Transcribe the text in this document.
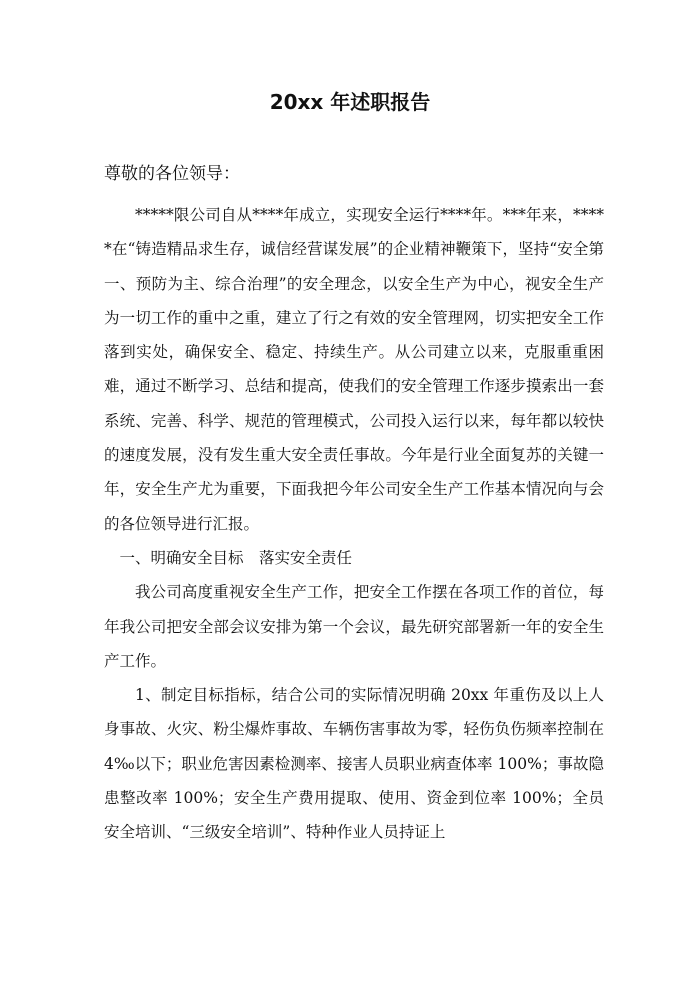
20xx 年述职报告

尊敬的各位领导：

*****限公司自从****年成立，实现安全运行****年。***年来，*****在“铸造精品求生存，诚信经营谋发展”的企业精神鞭策下，坚持“安全第一、预防为主、综合治理”的安全理念，以安全生产为中心，视安全生产为一切工作的重中之重，建立了行之有效的安全管理网，切实把安全工作落到实处，确保安全、稳定、持续生产。从公司建立以来，克服重重困难，通过不断学习、总结和提高，使我们的安全管理工作逐步摸索出一套系统、完善、科学、规范的管理模式，公司投入运行以来，每年都以较快的速度发展，没有发生重大安全责任事故。今年是行业全面复苏的关键一年，安全生产尤为重要，下面我把今年公司安全生产工作基本情况向与会的各位领导进行汇报。

一、明确安全目标　落实安全责任

我公司高度重视安全生产工作，把安全工作摆在各项工作的首位，每年我公司把安全部会议安排为第一个会议，最先研究部署新一年的安全生产工作。

1、制定目标指标，结合公司的实际情况明确 20xx 年重伤及以上人身事故、火灾、粉尘爆炸事故、车辆伤害事故为零，轻伤负伤频率控制在 4‰以下；职业危害因素检测率、接害人员职业病查体率 100%；事故隐患整改率 100%；安全生产费用提取、使用、资金到位率 100%；全员安全培训、“三级安全培训”、特种作业人员持证上
